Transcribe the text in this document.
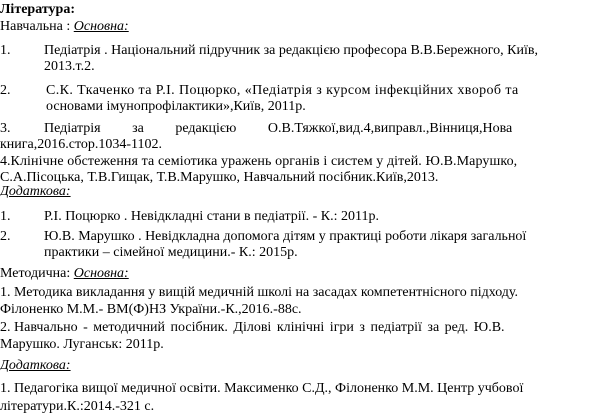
Література:
Навчальна : Основна:
1. Педіатрія . Національний підручник за редакцією професора В.В.Бережного, Київ,
2013.т.2.
2.	С.К. Ткаченко та Р.І. Поцюрко, «Педіатрія з курсом інфекційних хвороб та
основами імунопрофілактики»,Київ, 2011р.
3. Педіатрія за редакцією О.В.Тяжкої,вид.4,виправл.,Вінниця,Нова
книга,2016.стор.1034-1102.
4.Клінічне обстеження та семіотика уражень органів і систем у дітей. Ю.В.Марушко,
С.А.Пісоцька, Т.В.Гищак, Т.В.Марушко, Навчальний посібник.Київ,2013.
Додаткова:
1. Р.І. Поцюрко . Невідкладні стани в педіатрії. - К.: 2011р.
2. Ю.В. Марушко . Невідкладна допомога дітям у практиці роботи лікаря загальної
практики – сімейної медицини.- К.: 2015р.
Методична: Основна:
1. Методика викладання у вищій медичній школі на засадах компетентнісного підходу.
Філоненко М.М.- ВМ(Ф)НЗ України.-К.,2016.-88с.
2. Навчально - методичний посібник. Ділові клінічні ігри з педіатрії за ред. Ю.В.
Марушко. Луганськ: 2011р.
Додаткова:
1. Педагогіка вищої медичної освіти. Максименко С.Д., Філоненко М.М. Центр учбової
літератури.К.:2014.-321 с.
